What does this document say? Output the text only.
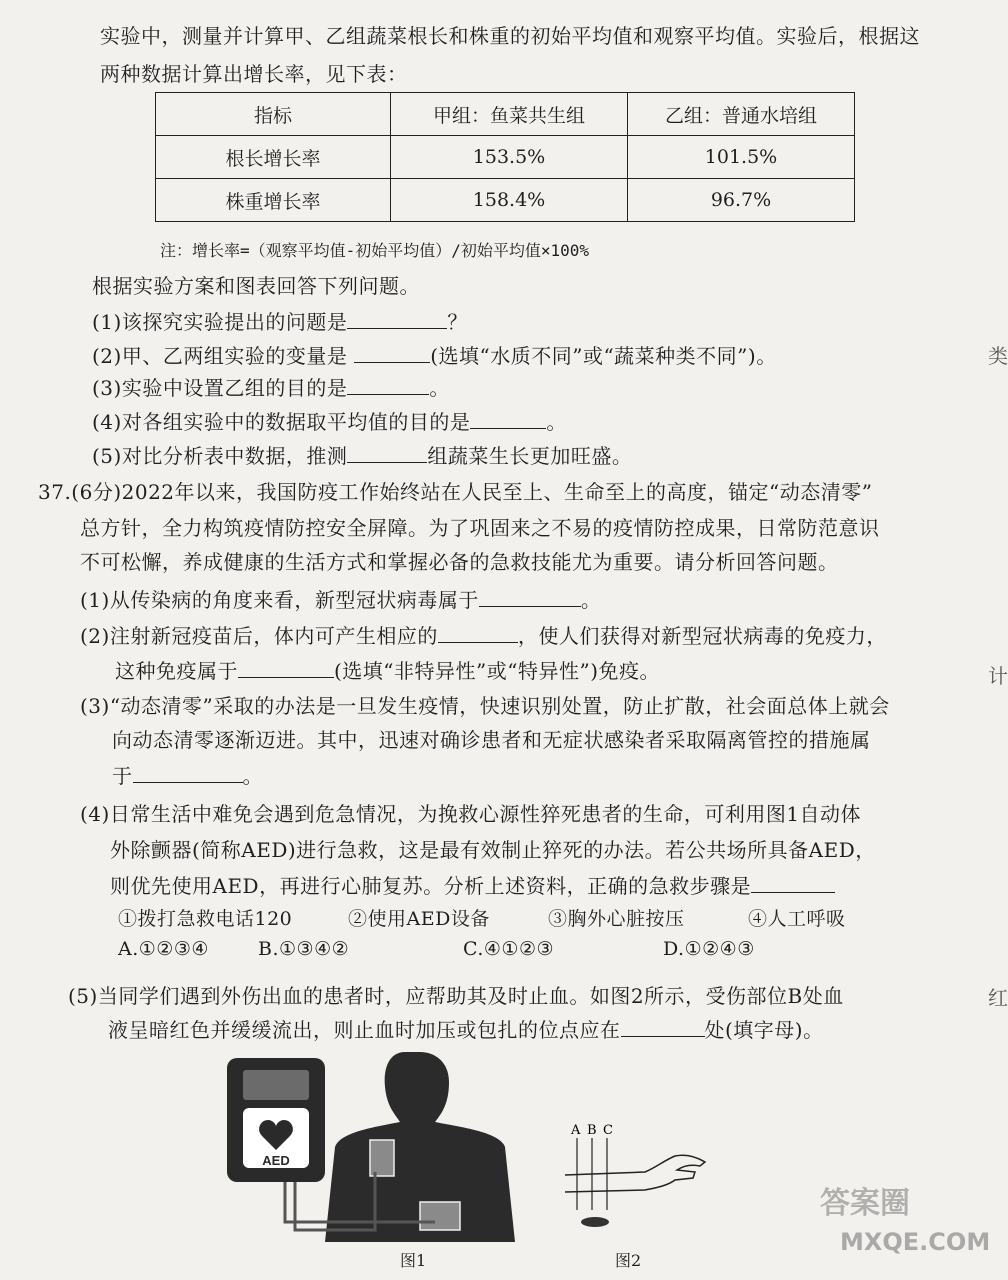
实验中，测量并计算甲、乙组蔬菜根长和株重的初始平均值和观察平均值。实验后，根据这
两种数据计算出增长率，见下表：
指标	甲组：鱼菜共生组	乙组：普通水培组
根长增长率	153.5%	101.5%
株重增长率	158.4%	96.7%
注：增长率=（观察平均值-初始平均值）/初始平均值×100%
根据实验方案和图表回答下列问题。
(1)该探究实验提出的问题是	？
(2)甲、乙两组实验的变量是	(选填“水质不同”或“蔬菜种类不同”)。
(3)实验中设置乙组的目的是	。
(4)对各组实验中的数据取平均值的目的是	。
(5)对比分析表中数据，推测	组蔬菜生长更加旺盛。
37.(6分)2022年以来，我国防疫工作始终站在人民至上、生命至上的高度，锚定“动态清零”
总方针，全力构筑疫情防控安全屏障。为了巩固来之不易的疫情防控成果，日常防范意识
不可松懈，养成健康的生活方式和掌握必备的急救技能尤为重要。请分析回答问题。
(1)从传染病的角度来看，新型冠状病毒属于	。
(2)注射新冠疫苗后，体内可产生相应的	，使人们获得对新型冠状病毒的免疫力，
这种免疫属于	(选填“非特异性”或“特异性”)免疫。
(3)“动态清零”采取的办法是一旦发生疫情，快速识别处置，防止扩散，社会面总体上就会
向动态清零逐渐迈进。其中，迅速对确诊患者和无症状感染者采取隔离管控的措施属
于	。
(4)日常生活中难免会遇到危急情况，为挽救心源性猝死患者的生命，可利用图1自动体
外除颤器(简称AED)进行急救，这是最有效制止猝死的办法。若公共场所具备AED，
则优先使用AED，再进行心肺复苏。分析上述资料，正确的急救步骤是
①拨打急救电话120	②使用AED设备	③胸外心脏按压	④人工呼吸
A.①②③④	B.①③④②	C.④①②③	D.①②④③
(5)当同学们遇到外伤出血的患者时，应帮助其及时止血。如图2所示，受伤部位B处血
液呈暗红色并缓缓流出，则止血时加压或包扎的位点应在	处(填字母)。
AED
图1
A B C
图2
答案圈
MXQE.COM
类
计
红
